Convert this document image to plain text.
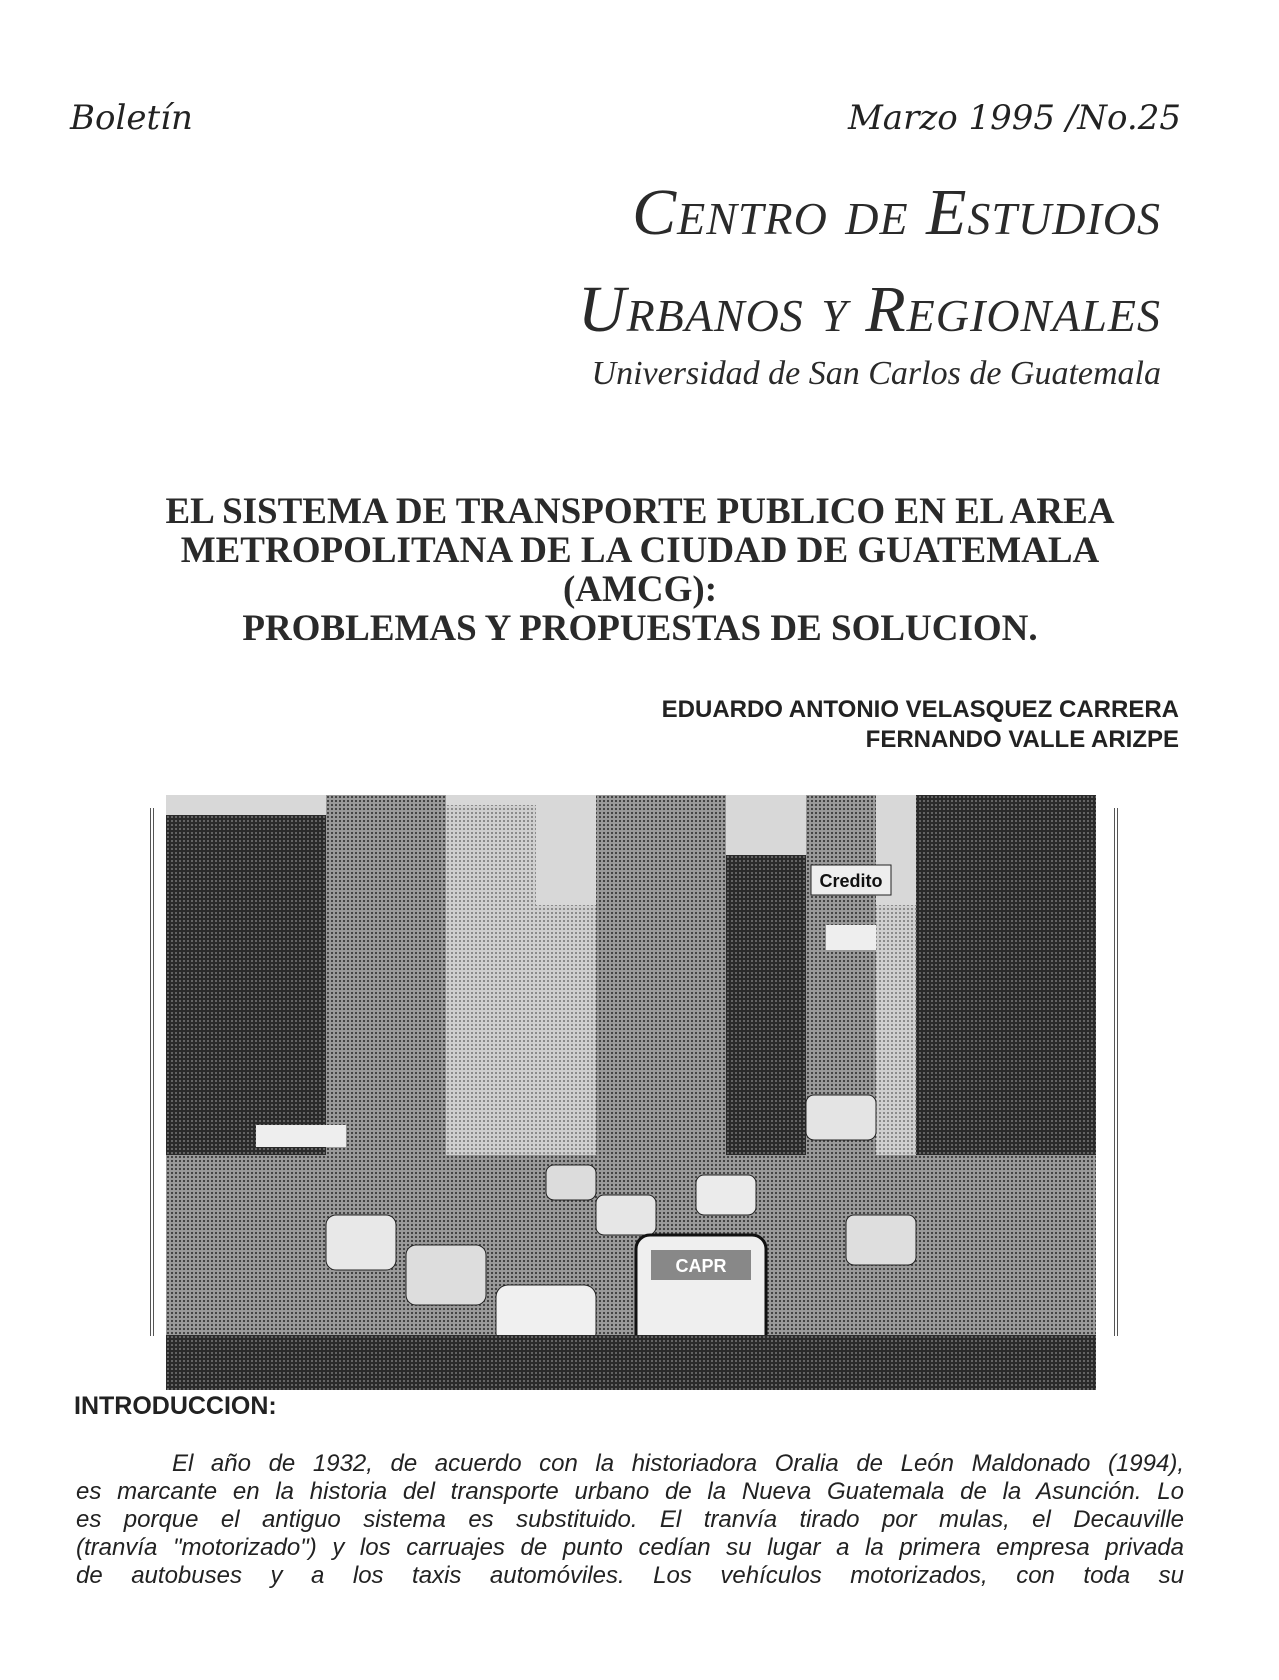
Boletín	Marzo 1995 /No.25
Centro de Estudios
Urbanos y Regionales
Universidad de San Carlos de Guatemala
EL SISTEMA DE TRANSPORTE PUBLICO EN EL AREA
METROPOLITANA DE LA CIUDAD DE GUATEMALA
(AMCG):
PROBLEMAS Y PROPUESTAS DE SOLUCION.
EDUARDO ANTONIO VELASQUEZ CARRERA
FERNANDO VALLE ARIZPE
Credito
CAPR
INTRODUCCION:
El año de 1932, de acuerdo con la historiadora Oralia de León Maldonado (1994),
es marcante en la historia del transporte urbano de la Nueva Guatemala de la Asunción. Lo
es porque el antiguo sistema es substituido. El tranvía tirado por mulas, el Decauville
(tranvía "motorizado") y los carruajes de punto cedían su lugar a la primera empresa privada
de autobuses y a los taxis automóviles. Los vehículos motorizados, con toda su
